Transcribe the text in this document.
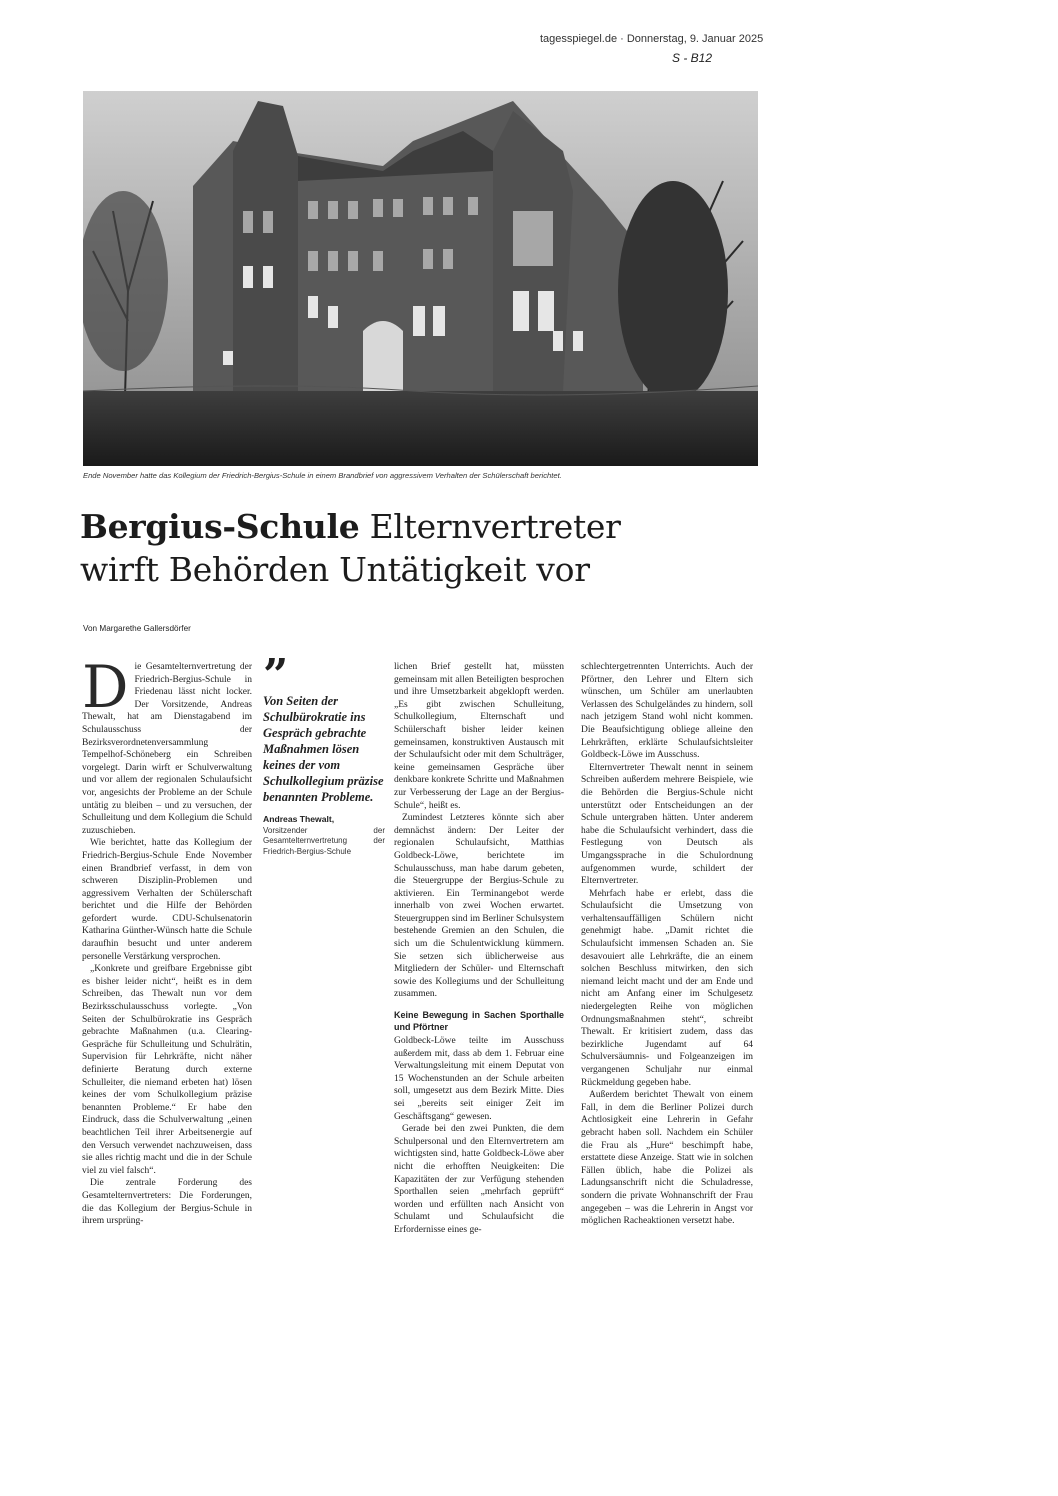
tagesspiegel.de · Donnerstag, 9. Januar 2025
S - B12
Ende November hatte das Kollegium der Friedrich-Bergius-Schule in einem Brandbrief von aggressivem Verhalten der Schülerschaft berichtet.
Bergius-Schule Elternvertreter
wirft Behörden Untätigkeit vor
Von Margarethe Gallersdörfer
D ie Gesamtelternvertretung der Friedrich-Bergius-Schule in Friedenau lässt nicht locker. Der Vorsitzende, Andreas Thewalt, hat am Dienstagabend im Schulausschuss der Bezirksverordnetenversammlung Tempelhof-Schöneberg ein Schreiben vorgelegt. Darin wirft er Schulverwaltung und vor allem der regionalen Schulaufsicht vor, angesichts der Probleme an der Schule untätig zu bleiben – und zu versuchen, der Schulleitung und dem Kollegium die Schuld zuzuschieben.

Wie berichtet, hatte das Kollegium der Friedrich-Bergius-Schule Ende November einen Brandbrief verfasst, in dem von schweren Disziplin-Problemen und aggressivem Verhalten der Schülerschaft berichtet und die Hilfe der Behörden gefordert wurde. CDU-Schulsenatorin Katharina Günther-Wünsch hatte die Schule daraufhin besucht und unter anderem personelle Verstärkung versprochen.

„Konkrete und greifbare Ergebnisse gibt es bisher leider nicht“, heißt es in dem Schreiben, das Thewalt nun vor dem Bezirksschulausschuss vorlegte. „Von Seiten der Schulbürokratie ins Gespräch gebrachte Maßnahmen (u.a. Clearing-Gespräche für Schulleitung und Schulrätin, Supervision für Lehrkräfte, nicht näher definierte Beratung durch externe Schulleiter, die niemand erbeten hat) lösen keines der vom Schulkollegium präzise benannten Probleme.“ Er habe den Eindruck, dass die Schulverwaltung „einen beachtlichen Teil ihrer Arbeitsenergie auf den Versuch verwendet nachzuweisen, dass sie alles richtig macht und die in der Schule viel zu viel falsch“.

Die zentrale Forderung des Gesamtelternvertreters: Die Forderungen, die das Kollegium der Bergius-Schule in ihrem ursprüng-

”
Von Seiten der Schulbürokratie ins Gespräch gebrachte Maßnahmen lösen keines der vom Schulkollegium präzise benannten Probleme.
Andreas Thewalt,
Vorsitzender der Gesamtelternvertretung der Friedrich-Bergius-Schule

lichen Brief gestellt hat, müssten gemeinsam mit allen Beteiligten besprochen und ihre Umsetzbarkeit abgeklopft werden. „Es gibt zwischen Schulleitung, Schulkollegium, Elternschaft und Schülerschaft bisher leider keinen gemeinsamen, konstruktiven Austausch mit der Schulaufsicht oder mit dem Schulträger, keine gemeinsamen Gespräche über denkbare konkrete Schritte und Maßnahmen zur Verbesserung der Lage an der Bergius-Schule“, heißt es.

Zumindest Letzteres könnte sich aber demnächst ändern: Der Leiter der regionalen Schulaufsicht, Matthias Goldbeck-Löwe, berichtete im Schulausschuss, man habe darum gebeten, die Steuergruppe der Bergius-Schule zu aktivieren. Ein Terminangebot werde innerhalb von zwei Wochen erwartet. Steuergruppen sind im Berliner Schulsystem bestehende Gremien an den Schulen, die sich um die Schulentwicklung kümmern. Sie setzen sich üblicherweise aus Mitgliedern der Schüler- und Elternschaft sowie des Kollegiums und der Schulleitung zusammen.

Keine Bewegung in Sachen Sporthalle und Pförtner

Goldbeck-Löwe teilte im Ausschuss außerdem mit, dass ab dem 1. Februar eine Verwaltungsleitung mit einem Deputat von 15 Wochenstunden an der Schule arbeiten soll, umgesetzt aus dem Bezirk Mitte. Dies sei „bereits seit einiger Zeit im Geschäftsgang“ gewesen.

Gerade bei den zwei Punkten, die dem Schulpersonal und den Elternvertretern am wichtigsten sind, hatte Goldbeck-Löwe aber nicht die erhofften Neuigkeiten: Die Kapazitäten der zur Verfügung stehenden Sporthallen seien „mehrfach geprüft“ worden und erfüllten nach Ansicht von Schulamt und Schulaufsicht die Erfordernisse eines ge-

schlechtergetrennten Unterrichts. Auch der Pförtner, den Lehrer und Eltern sich wünschen, um Schüler am unerlaubten Verlassen des Schulgeländes zu hindern, soll nach jetzigem Stand wohl nicht kommen. Die Beaufsichtigung obliege alleine den Lehrkräften, erklärte Schulaufsichtsleiter Goldbeck-Löwe im Ausschuss.

Elternvertreter Thewalt nennt in seinem Schreiben außerdem mehrere Beispiele, wie die Behörden die Bergius-Schule nicht unterstützt oder Entscheidungen an der Schule untergraben hätten. Unter anderem habe die Schulaufsicht verhindert, dass die Festlegung von Deutsch als Umgangssprache in die Schulordnung aufgenommen wurde, schildert der Elternvertreter.

Mehrfach habe er erlebt, dass die Schulaufsicht die Umsetzung von verhaltensauffälligen Schülern nicht genehmigt habe. „Damit richtet die Schulaufsicht immensen Schaden an. Sie desavouiert alle Lehrkräfte, die an einem solchen Beschluss mitwirken, den sich niemand leicht macht und der am Ende und nicht am Anfang einer im Schulgesetz niedergelegten Reihe von möglichen Ordnungsmaßnahmen steht“, schreibt Thewalt. Er kritisiert zudem, dass das bezirkliche Jugendamt auf 64 Schulversäumnis- und Folgeanzeigen im vergangenen Schuljahr nur einmal Rückmeldung gegeben habe.

Außerdem berichtet Thewalt von einem Fall, in dem die Berliner Polizei durch Achtlosigkeit eine Lehrerin in Gefahr gebracht haben soll. Nachdem ein Schüler die Frau als „Hure“ beschimpft habe, erstattete diese Anzeige. Statt wie in solchen Fällen üblich, habe die Polizei als Ladungsanschrift nicht die Schuladresse, sondern die private Wohnanschrift der Frau angegeben – was die Lehrerin in Angst vor möglichen Racheaktionen versetzt habe.
